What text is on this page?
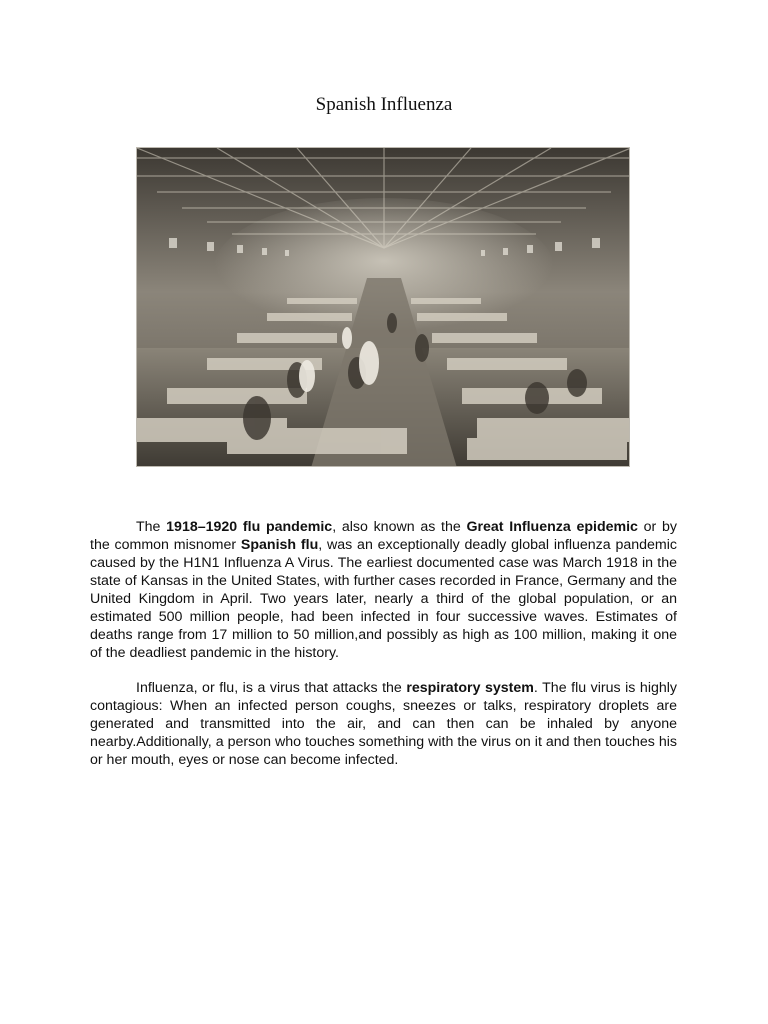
Spanish Influenza

The 1918–1920 flu pandemic, also known as the Great Influenza epidemic or by the common misnomer Spanish flu, was an exceptionally deadly global influenza pandemic caused by the H1N1 Influenza A Virus. The earliest documented case was March 1918 in the state of Kansas in the United States, with further cases recorded in France, Germany and the United Kingdom in April. Two years later, nearly a third of the global population, or an estimated 500 million people, had been infected in four successive waves. Estimates of deaths range from 17 million to 50 million,and possibly as high as 100 million, making it one of the deadliest pandemic in the history.

Influenza, or flu, is a virus that attacks the respiratory system. The flu virus is highly contagious: When an infected person coughs, sneezes or talks, respiratory droplets are generated and transmitted into the air, and can then can be inhaled by anyone nearby.Additionally, a person who touches something with the virus on it and then touches his or her mouth, eyes or nose can become infected.
